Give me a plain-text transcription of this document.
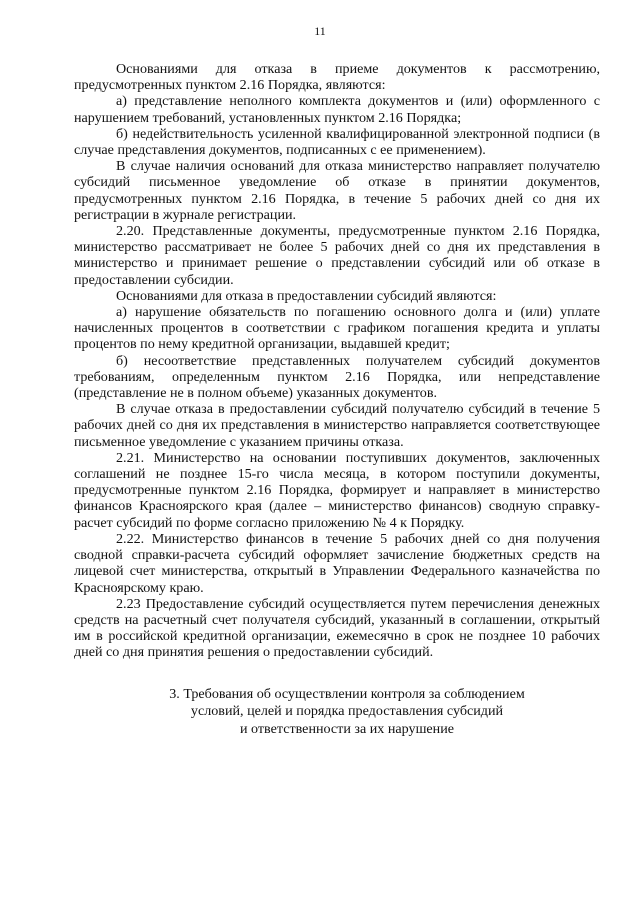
11

Основаниями для отказа в приеме документов к рассмотрению, предусмотренных пунктом 2.16 Порядка, являются:

а) представление неполного комплекта документов и (или) оформленного с нарушением требований, установленных пунктом 2.16 Порядка;

б) недействительность усиленной квалифицированной электронной подписи (в случае представления документов, подписанных с ее применением).

В случае наличия оснований для отказа министерство направляет получателю субсидий письменное уведомление об отказе в принятии документов, предусмотренных пунктом 2.16 Порядка, в течение 5 рабочих дней со дня их регистрации в журнале регистрации.

2.20. Представленные документы, предусмотренные пунктом 2.16 Порядка, министерство рассматривает не более 5 рабочих дней со дня их представления в министерство и принимает решение о представлении субсидий или об отказе в предоставлении субсидии.

Основаниями для отказа в предоставлении субсидий являются:

а) нарушение обязательств по погашению основного долга и (или) уплате начисленных процентов в соответствии с графиком погашения кредита и уплаты процентов по нему кредитной организации, выдавшей кредит;

б) несоответствие представленных получателем субсидий документов требованиям, определенным пунктом 2.16 Порядка, или непредставление (представление не в полном объеме) указанных документов.

В случае отказа в предоставлении субсидий получателю субсидий в течение 5 рабочих дней со дня их представления в министерство направляется соответствующее письменное уведомление с указанием причины отказа.

2.21. Министерство на основании поступивших документов, заключенных соглашений не позднее 15-го числа месяца, в котором поступили документы, предусмотренные пунктом 2.16 Порядка, формирует и направляет в министерство финансов Красноярского края (далее – министерство финансов) сводную справку-расчет субсидий по форме согласно приложению № 4 к Порядку.

2.22. Министерство финансов в течение 5 рабочих дней со дня получения сводной справки-расчета субсидий оформляет зачисление бюджетных средств на лицевой счет министерства, открытый в Управлении Федерального казначейства по Красноярскому краю.

2.23 Предоставление субсидий осуществляется путем перечисления денежных средств на расчетный счет получателя субсидий, указанный в соглашении, открытый им в российской кредитной организации, ежемесячно в срок не позднее 10 рабочих дней со дня принятия решения о предоставлении субсидий.

3. Требования об осуществлении контроля за соблюдением
условий, целей и порядка предоставления субсидий
и ответственности за их нарушение
